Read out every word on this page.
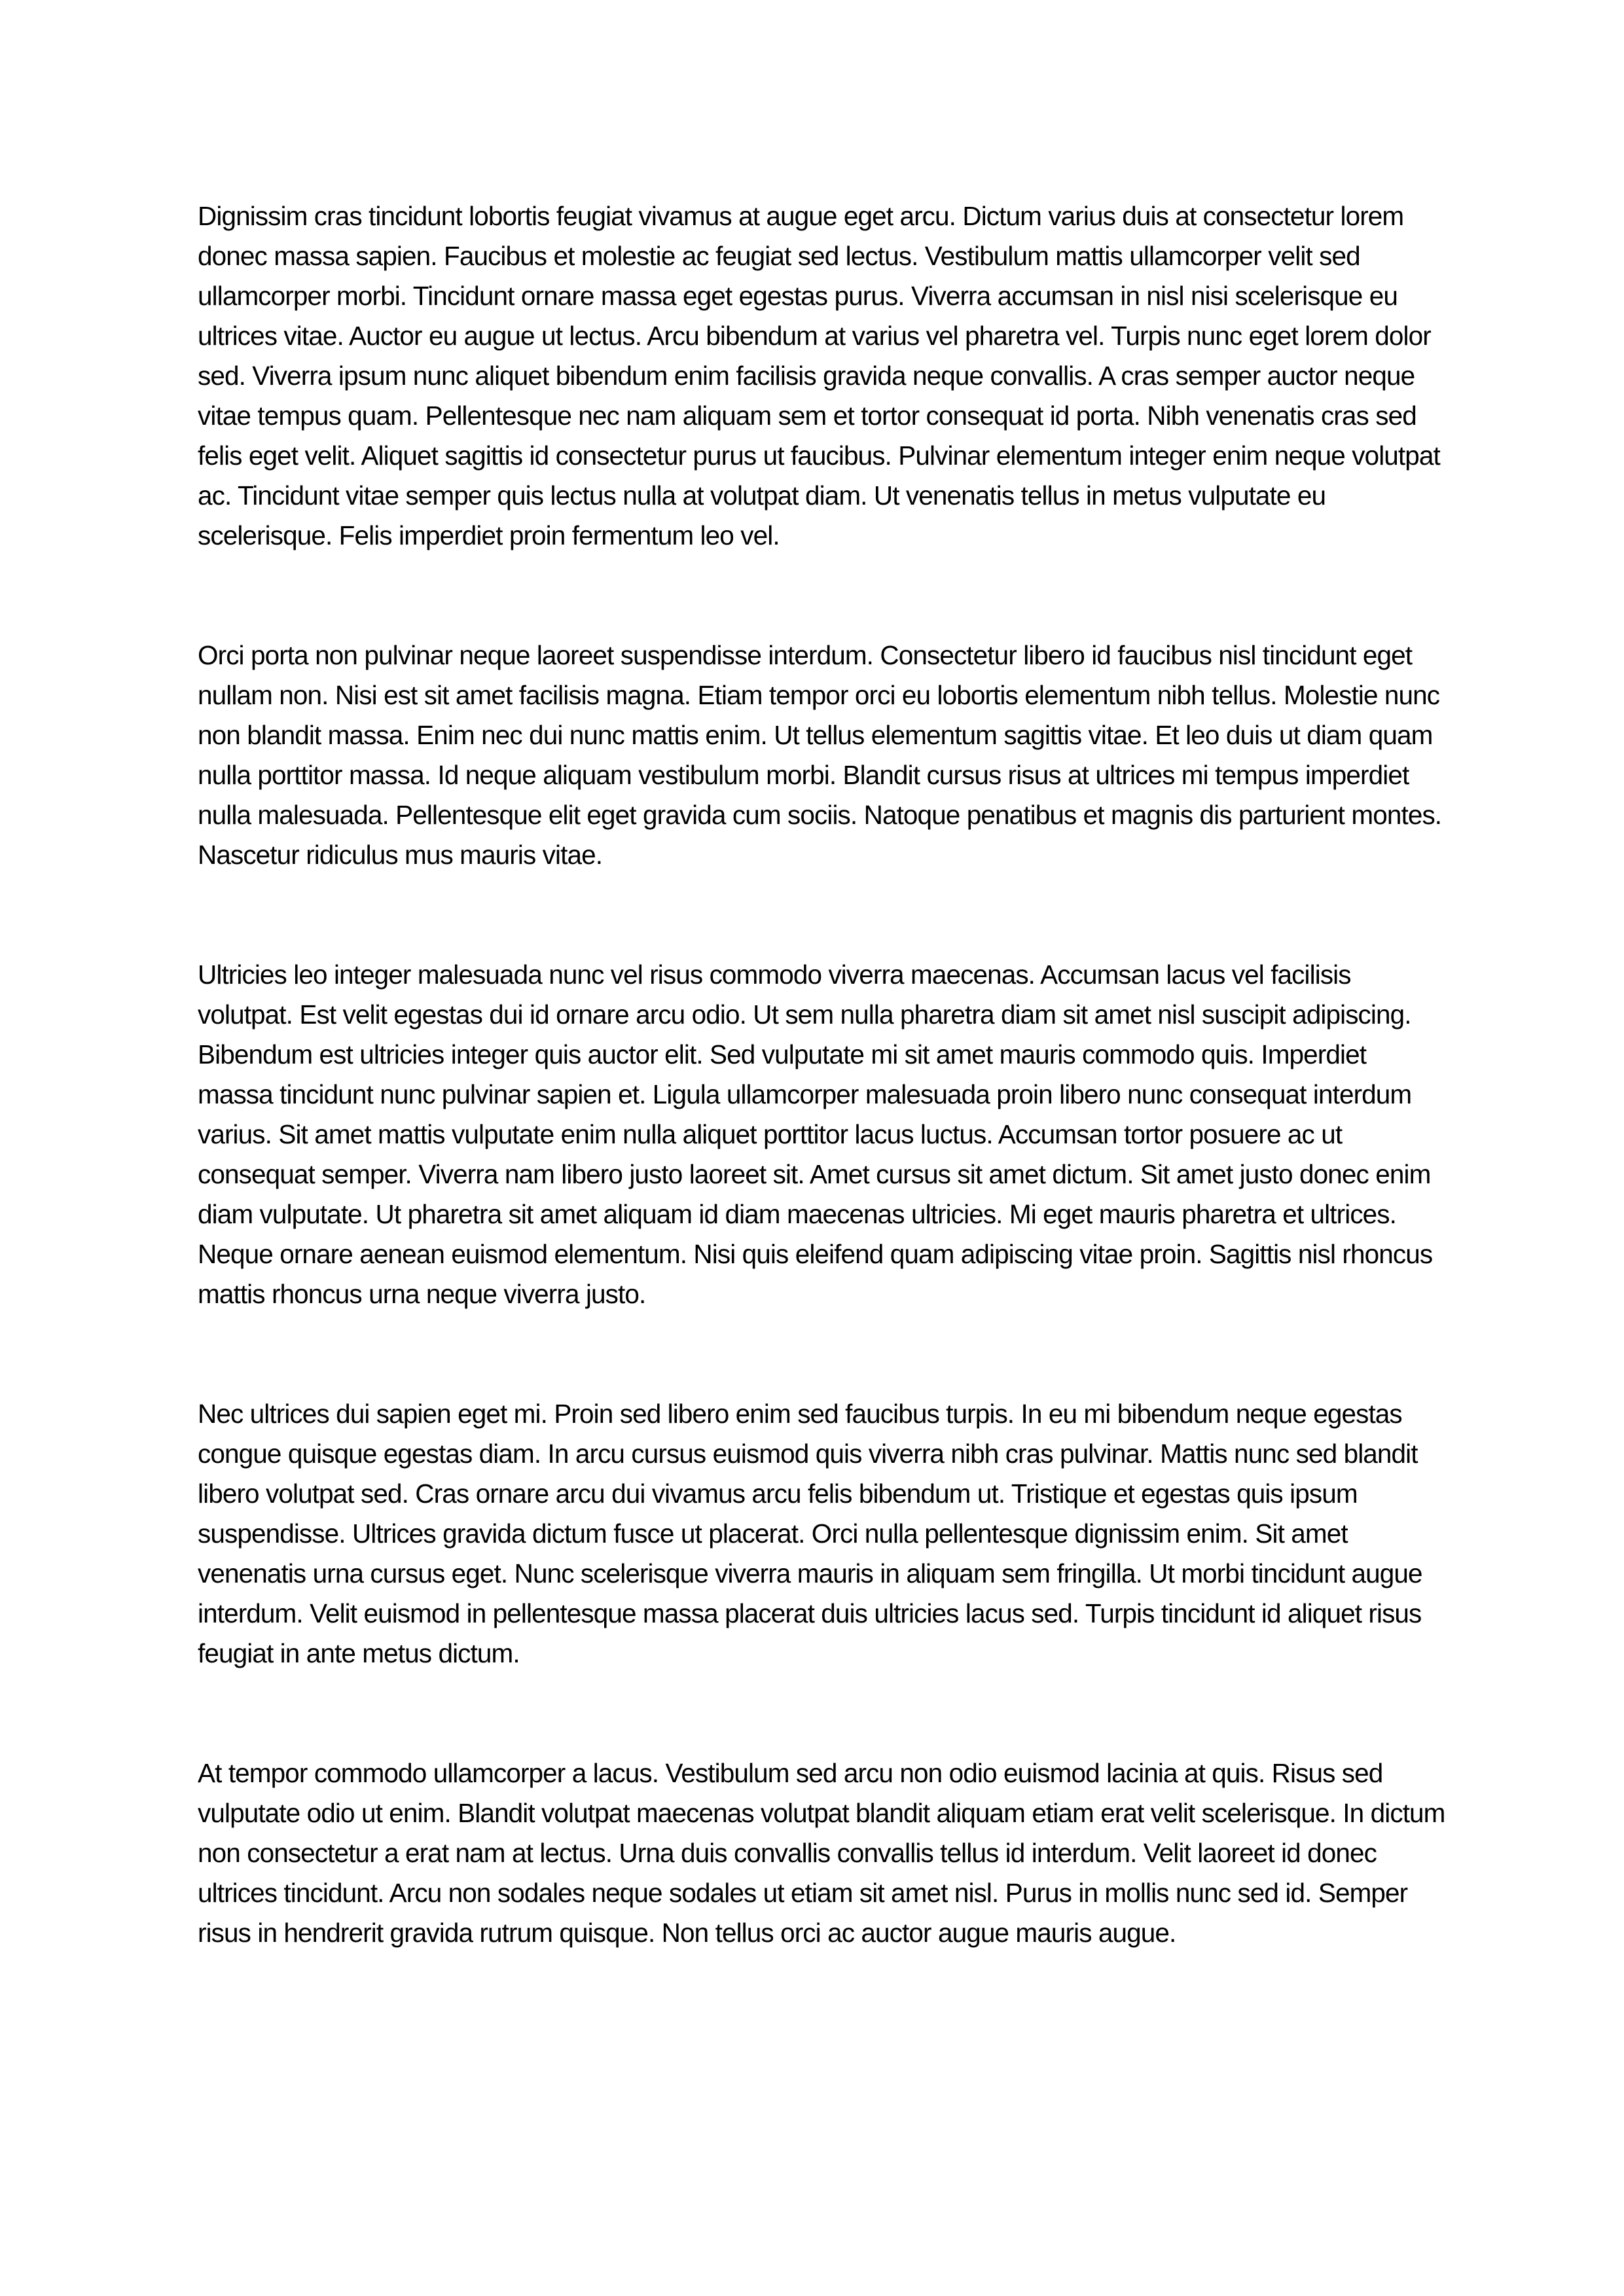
Dignissim cras tincidunt lobortis feugiat vivamus at augue eget arcu. Dictum varius duis at consectetur lorem donec massa sapien. Faucibus et molestie ac feugiat sed lectus. Vestibulum mattis ullamcorper velit sed ullamcorper morbi. Tincidunt ornare massa eget egestas purus. Viverra accumsan in nisl nisi scelerisque eu ultrices vitae. Auctor eu augue ut lectus. Arcu bibendum at varius vel pharetra vel. Turpis nunc eget lorem dolor sed. Viverra ipsum nunc aliquet bibendum enim facilisis gravida neque convallis. A cras semper auctor neque vitae tempus quam. Pellentesque nec nam aliquam sem et tortor consequat id porta. Nibh venenatis cras sed felis eget velit. Aliquet sagittis id consectetur purus ut faucibus. Pulvinar elementum integer enim neque volutpat ac. Tincidunt vitae semper quis lectus nulla at volutpat diam. Ut venenatis tellus in metus vulputate eu scelerisque. Felis imperdiet proin fermentum leo vel.

Orci porta non pulvinar neque laoreet suspendisse interdum. Consectetur libero id faucibus nisl tincidunt eget nullam non. Nisi est sit amet facilisis magna. Etiam tempor orci eu lobortis elementum nibh tellus. Molestie nunc non blandit massa. Enim nec dui nunc mattis enim. Ut tellus elementum sagittis vitae. Et leo duis ut diam quam nulla porttitor massa. Id neque aliquam vestibulum morbi. Blandit cursus risus at ultrices mi tempus imperdiet nulla malesuada. Pellentesque elit eget gravida cum sociis. Natoque penatibus et magnis dis parturient montes. Nascetur ridiculus mus mauris vitae.

Ultricies leo integer malesuada nunc vel risus commodo viverra maecenas. Accumsan lacus vel facilisis volutpat. Est velit egestas dui id ornare arcu odio. Ut sem nulla pharetra diam sit amet nisl suscipit adipiscing. Bibendum est ultricies integer quis auctor elit. Sed vulputate mi sit amet mauris commodo quis. Imperdiet massa tincidunt nunc pulvinar sapien et. Ligula ullamcorper malesuada proin libero nunc consequat interdum varius. Sit amet mattis vulputate enim nulla aliquet porttitor lacus luctus. Accumsan tortor posuere ac ut consequat semper. Viverra nam libero justo laoreet sit. Amet cursus sit amet dictum. Sit amet justo donec enim diam vulputate. Ut pharetra sit amet aliquam id diam maecenas ultricies. Mi eget mauris pharetra et ultrices. Neque ornare aenean euismod elementum. Nisi quis eleifend quam adipiscing vitae proin. Sagittis nisl rhoncus mattis rhoncus urna neque viverra justo.

Nec ultrices dui sapien eget mi. Proin sed libero enim sed faucibus turpis. In eu mi bibendum neque egestas congue quisque egestas diam. In arcu cursus euismod quis viverra nibh cras pulvinar. Mattis nunc sed blandit libero volutpat sed. Cras ornare arcu dui vivamus arcu felis bibendum ut. Tristique et egestas quis ipsum suspendisse. Ultrices gravida dictum fusce ut placerat. Orci nulla pellentesque dignissim enim. Sit amet venenatis urna cursus eget. Nunc scelerisque viverra mauris in aliquam sem fringilla. Ut morbi tincidunt augue interdum. Velit euismod in pellentesque massa placerat duis ultricies lacus sed. Turpis tincidunt id aliquet risus feugiat in ante metus dictum.

At tempor commodo ullamcorper a lacus. Vestibulum sed arcu non odio euismod lacinia at quis. Risus sed vulputate odio ut enim. Blandit volutpat maecenas volutpat blandit aliquam etiam erat velit scelerisque. In dictum non consectetur a erat nam at lectus. Urna duis convallis convallis tellus id interdum. Velit laoreet id donec ultrices tincidunt. Arcu non sodales neque sodales ut etiam sit amet nisl. Purus in mollis nunc sed id. Semper risus in hendrerit gravida rutrum quisque. Non tellus orci ac auctor augue mauris augue.
